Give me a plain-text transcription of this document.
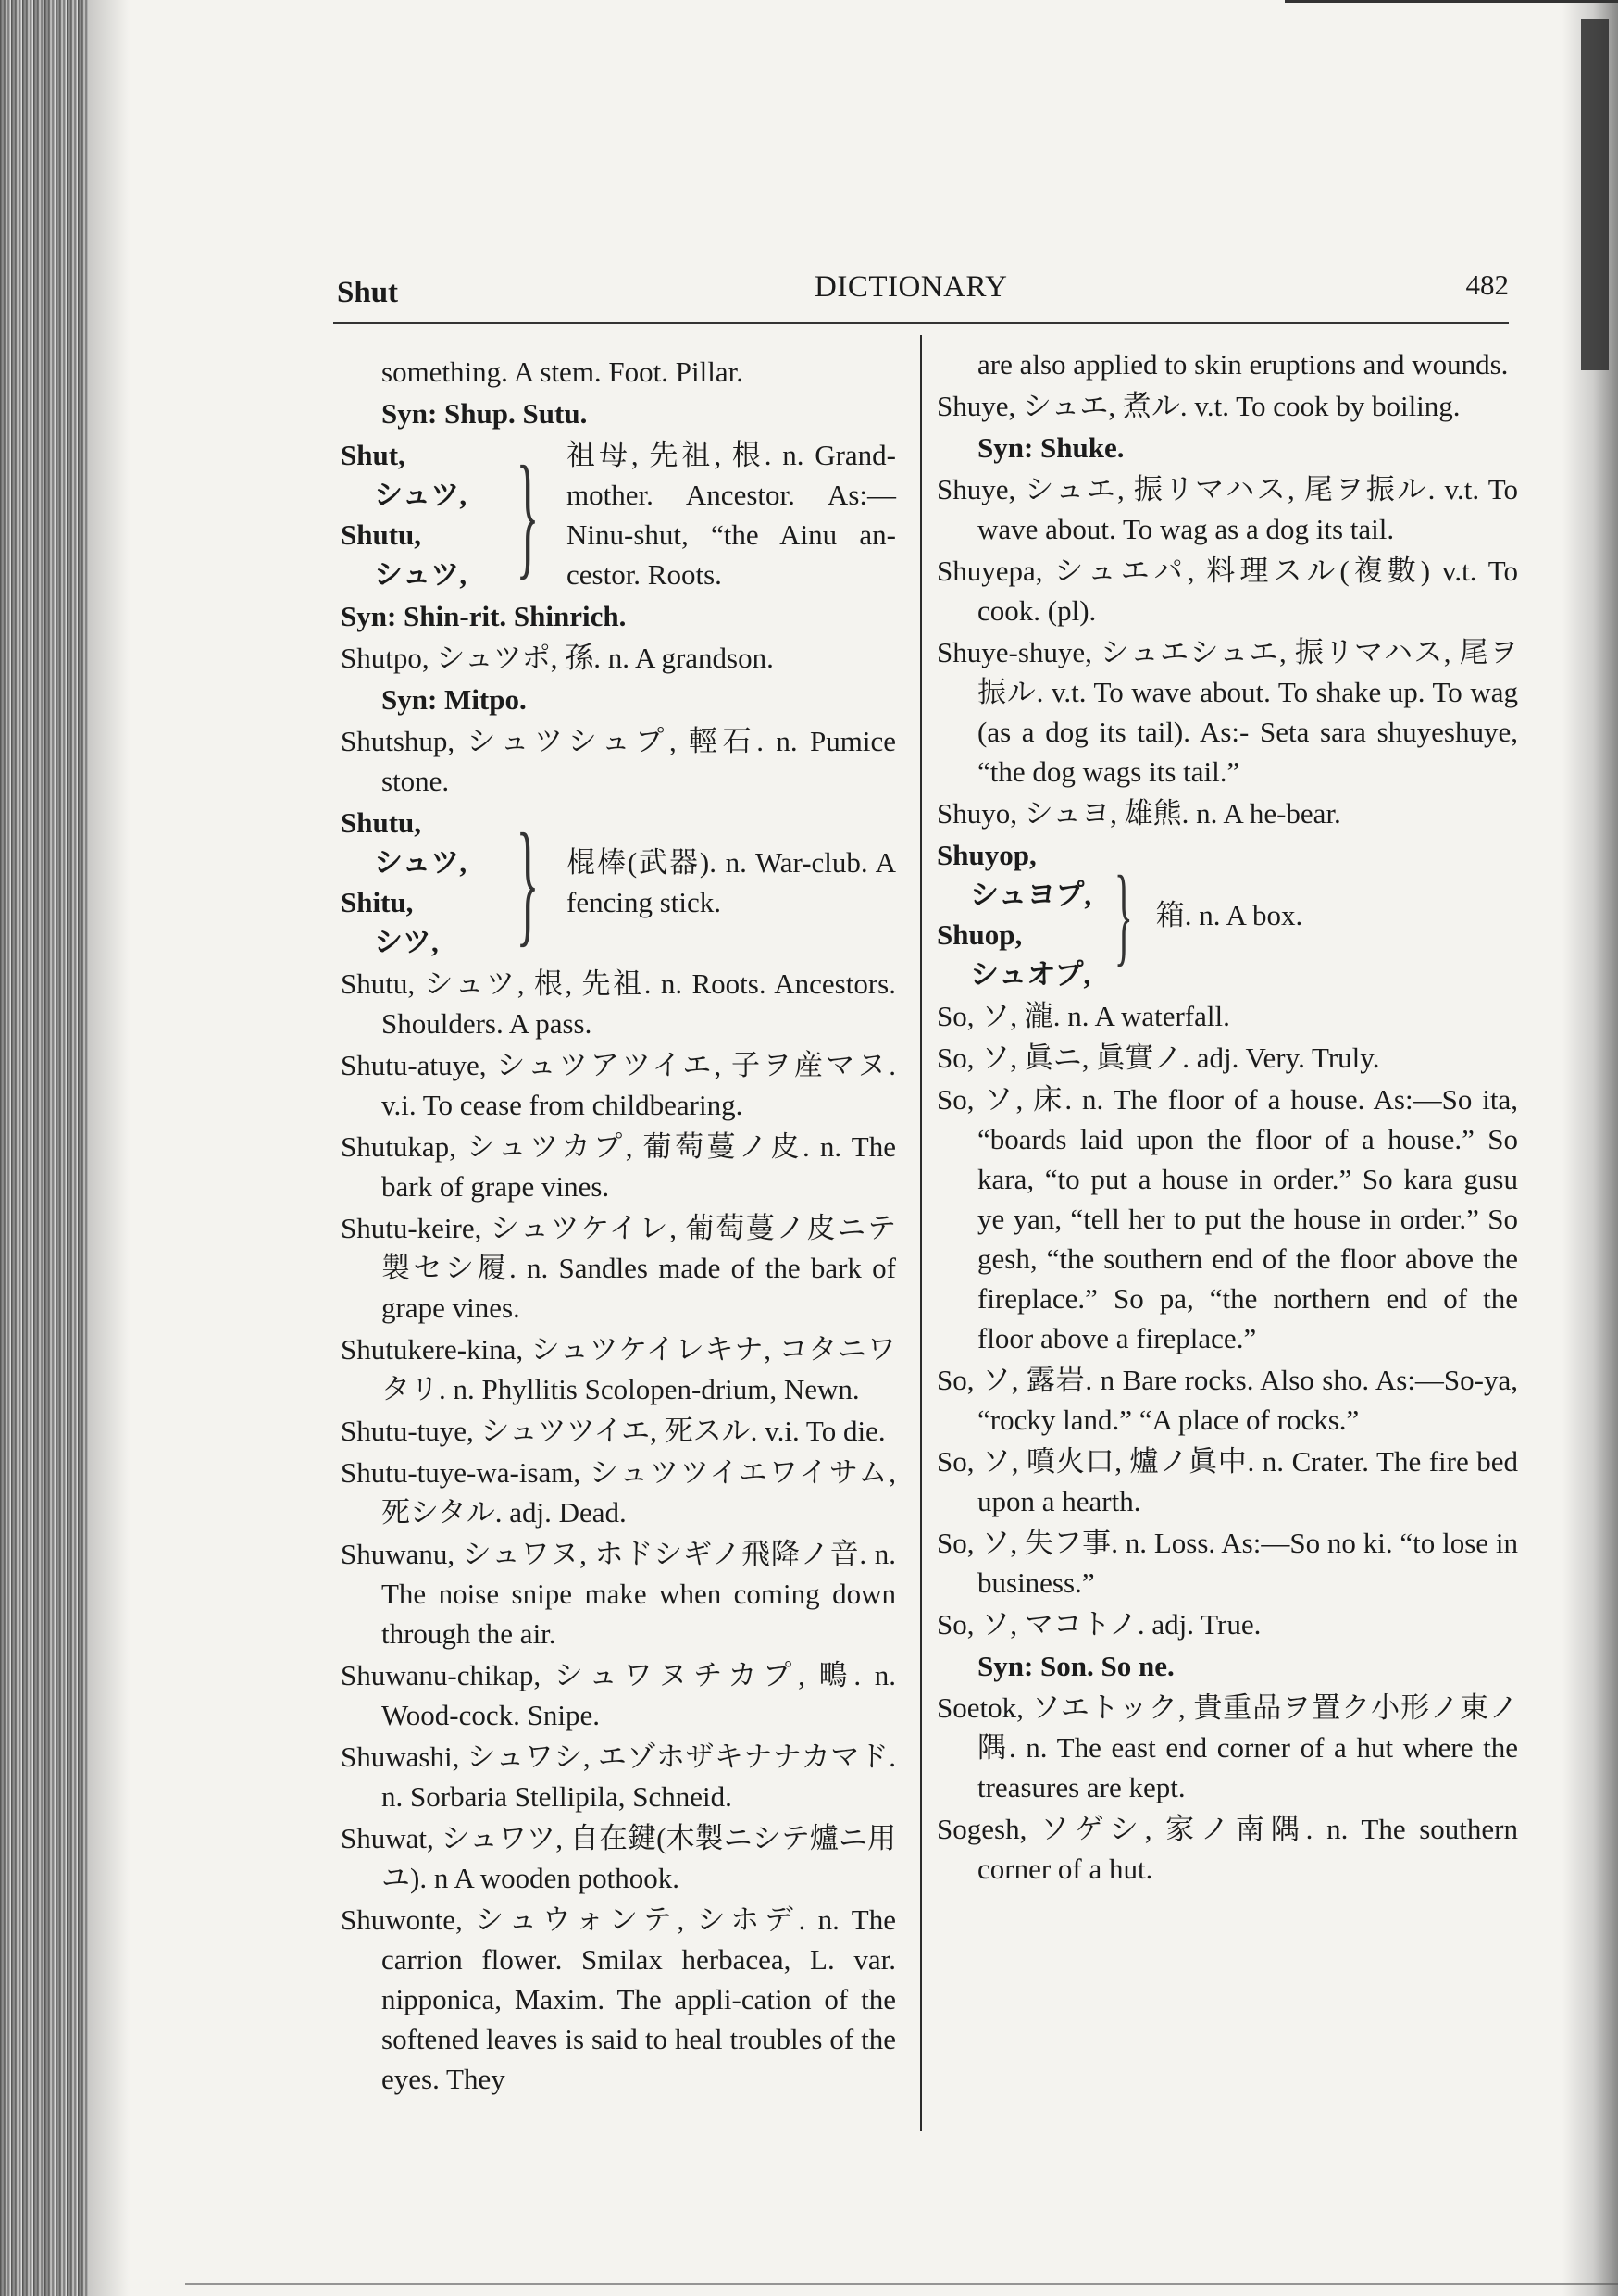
Shut	DICTIONARY	482
something. A stem. Foot. Pillar.
Syn: Shup. Sutu.
Shut,
シュツ,
Shutu,
シュツ, } 祖母, 先祖, 根. n. Grand-mother. Ancestor. As:— Ninu-shut, “the Ainu an-cestor. Roots.
Syn: Shin-rit. Shinrich.
Shutpo, シュツポ, 孫. n. A grandson.
Syn: Mitpo.
Shutshup, シュツシュプ, 輕石. n. Pumice stone.
Shutu,
シュツ,
Shitu,
シツ, } 棍棒(武器). n. War-club. A fencing stick.
Shutu, シュツ, 根, 先祖. n. Roots. Ancestors. Shoulders. A pass.
Shutu-atuye, シュツアツイエ, 子ヲ産マヌ. v.i. To cease from childbearing.
Shutukap, シュツカプ, 葡萄蔓ノ皮. n. The bark of grape vines.
Shutu-keire, シュツケイレ, 葡萄蔓ノ皮ニテ製セシ履. n. Sandles made of the bark of grape vines.
Shutukere-kina, シュツケイレキナ, コタニワタリ. n. Phyllitis Scolopen-drium, Newn.
Shutu-tuye, シュツツイエ, 死スル. v.i. To die.
Shutu-tuye-wa-isam, シュツツイエワイサム, 死シタル. adj. Dead.
Shuwanu, シュワヌ, ホドシギノ飛降ノ音. n. The noise snipe make when coming down through the air.
Shuwanu-chikap, シュワヌチカプ, 鴫. n. Wood-cock. Snipe.
Shuwashi, シュワシ, エゾホザキナナカマド. n. Sorbaria Stellipila, Schneid.
Shuwat, シュワツ, 自在鍵(木製ニシテ爐ニ用ユ). n A wooden pothook.
Shuwonte, シュウォンテ, シホデ. n. The carrion flower. Smilax herbacea, L. var. nipponica, Maxim. The appli-cation of the softened leaves is said to heal troubles of the eyes. They
are also applied to skin eruptions and wounds.
Shuye, シュエ, 煮ル. v.t. To cook by boiling.
Syn: Shuke.
Shuye, シュエ, 振リマハス, 尾ヲ振ル. v.t. To wave about. To wag as a dog its tail.
Shuyepa, シュエパ, 料理スル(複數) v.t. To cook. (pl).
Shuye-shuye, シュエシュエ, 振リマハス, 尾ヲ振ル. v.t. To wave about. To shake up. To wag (as a dog its tail). As:- Seta sara shuyeshuye, “the dog wags its tail.”
Shuyo, シュヨ, 雄熊. n. A he-bear.
Shuyop,
シュヨプ,
Shuop,
シュオプ, } 箱. n. A box.
So, ソ, 瀧. n. A waterfall.
So, ソ, 眞ニ, 眞實ノ. adj. Very. Truly.
So, ソ, 床. n. The floor of a house. As:—So ita, “boards laid upon the floor of a house.” So kara, “to put a house in order.” So kara gusu ye yan, “tell her to put the house in order.” So gesh, “the southern end of the floor above the fireplace.” So pa, “the northern end of the floor above a fireplace.”
So, ソ, 露岩. n Bare rocks. Also sho. As:—So-ya, “rocky land.” “A place of rocks.”
So, ソ, 噴火口, 爐ノ眞中. n. Crater. The fire bed upon a hearth.
So, ソ, 失フ事. n. Loss. As:—So no ki. “to lose in business.”
So, ソ, マコトノ. adj. True.
Syn: Son. So ne.
Soetok, ソエトック, 貴重品ヲ置ク小形ノ東ノ隅. n. The east end corner of a hut where the treasures are kept.
Sogesh, ソゲシ, 家ノ南隅. n. The southern corner of a hut.
